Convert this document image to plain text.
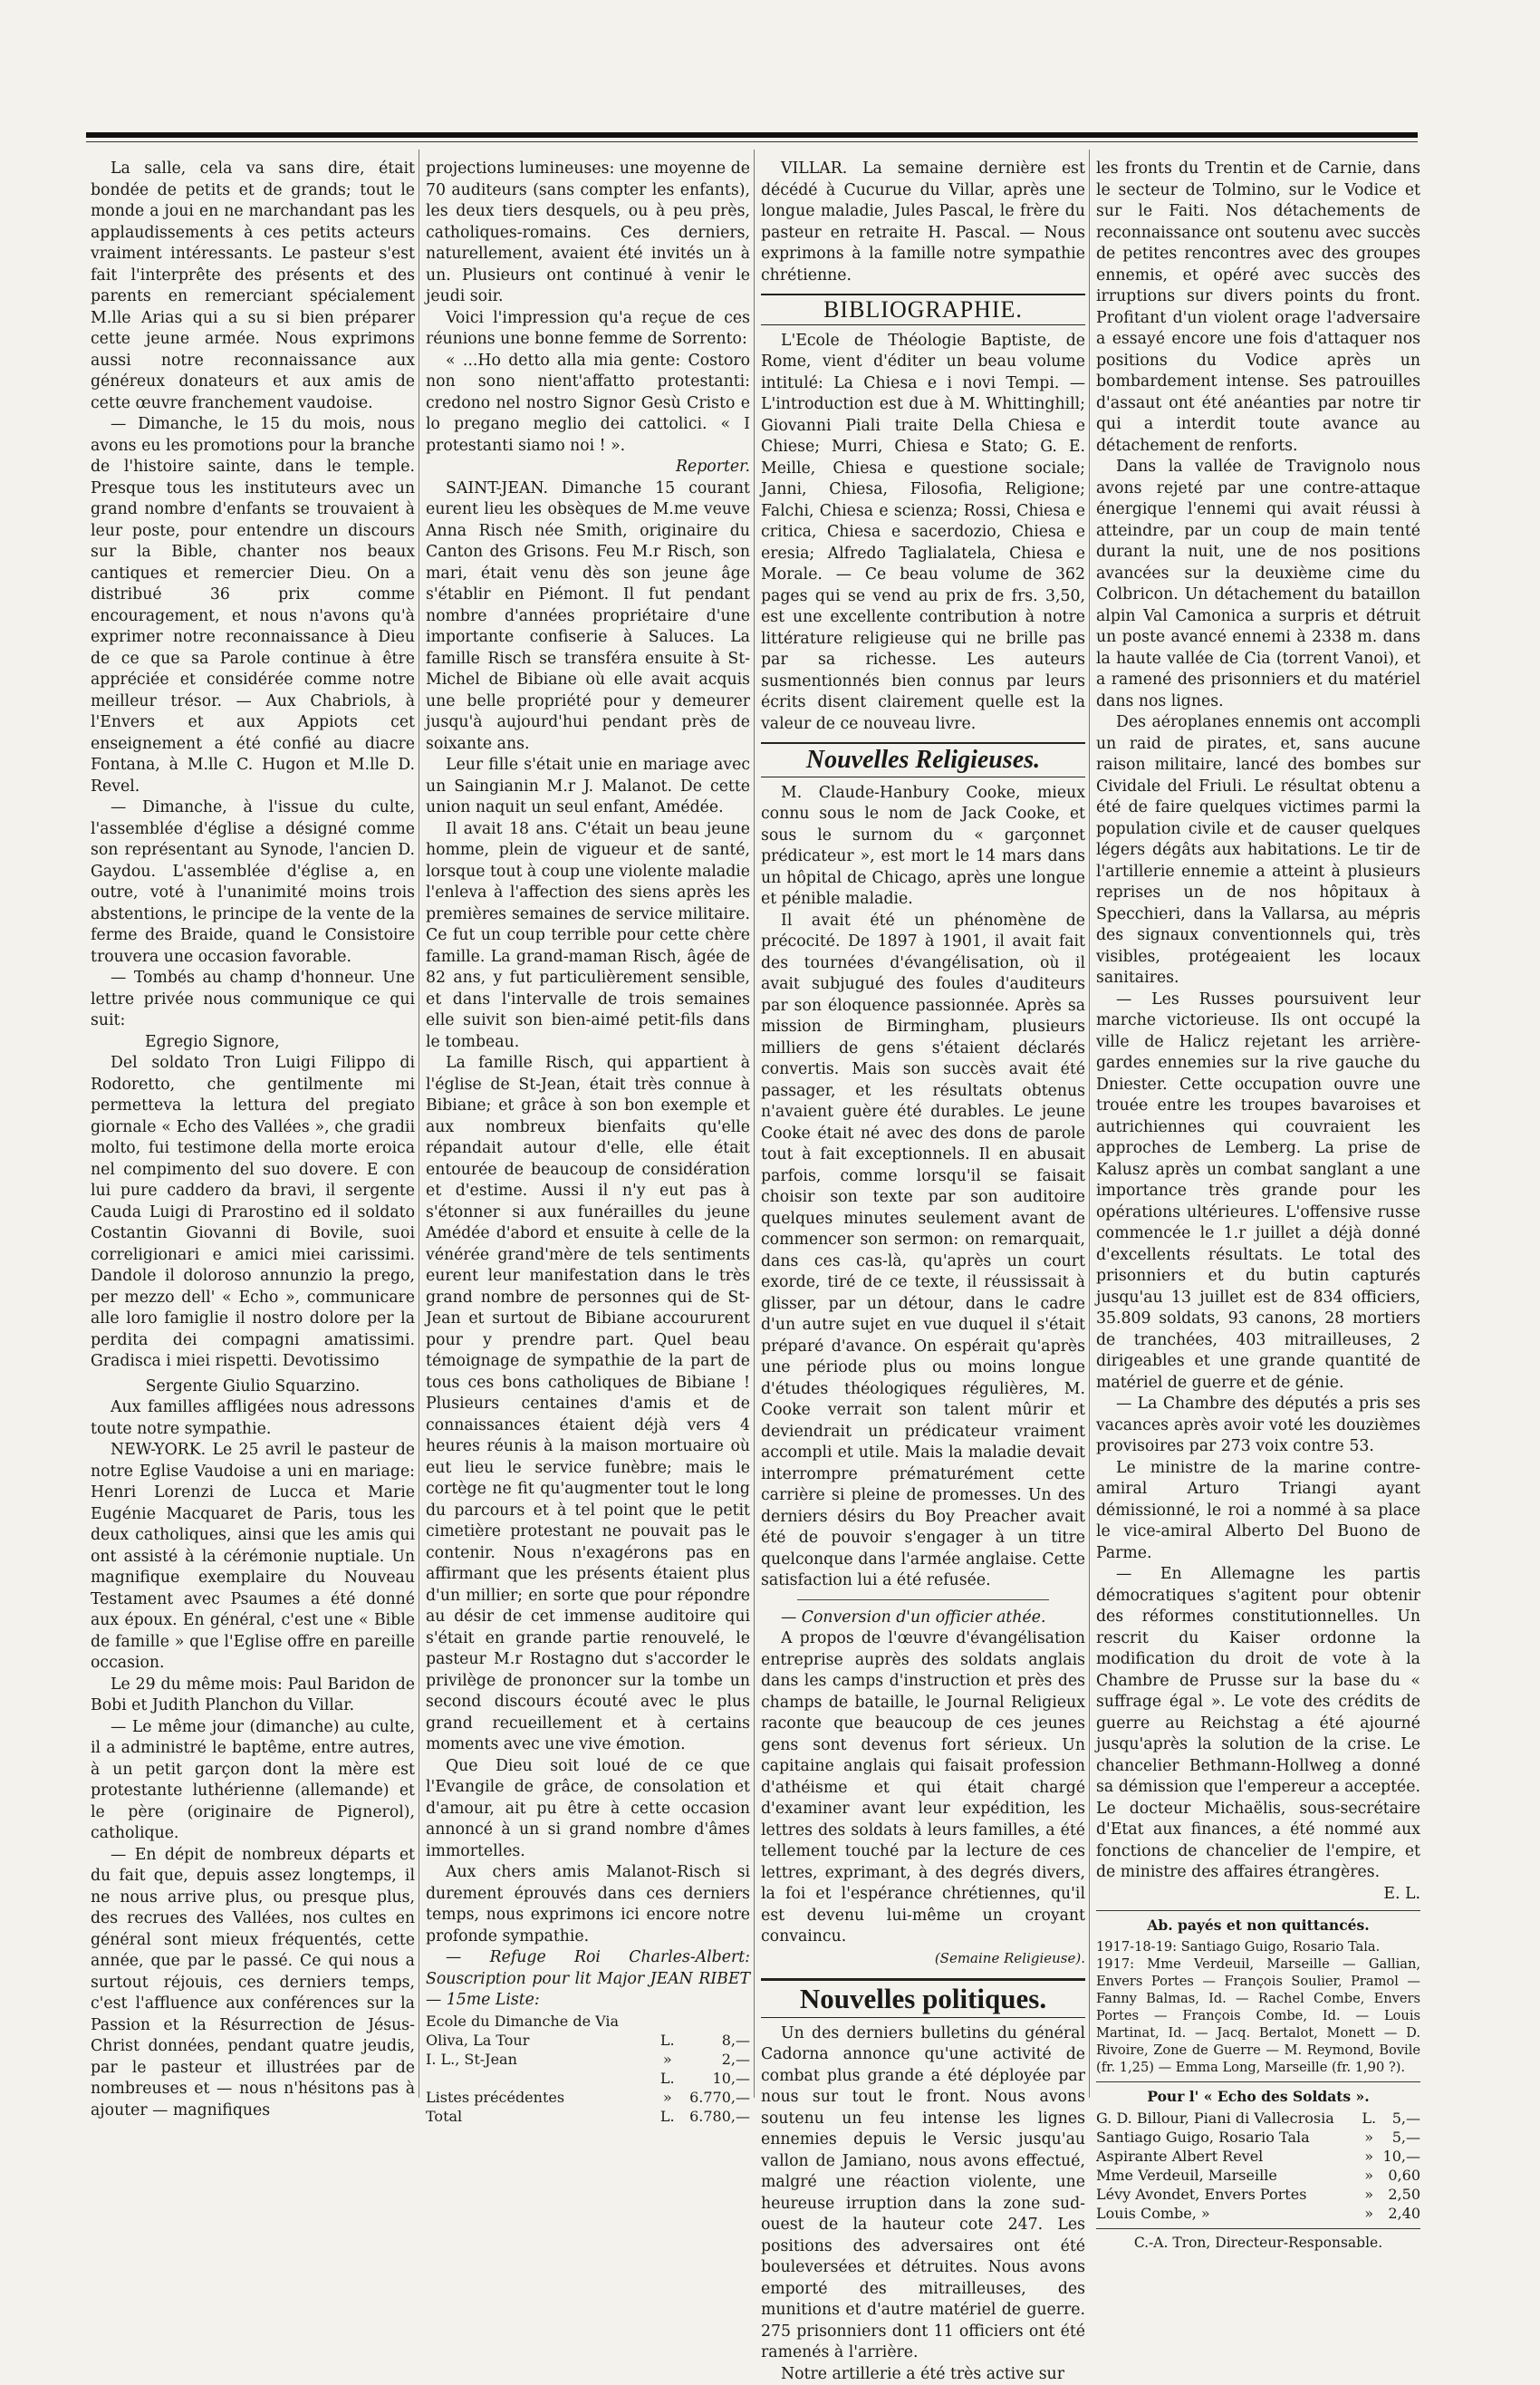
La salle, cela va sans dire, était bondée de petits et de grands; tout le monde a joui en ne marchandant pas les applaudissements à ces petits acteurs vraiment intéressants. Le pasteur s'est fait l'interprête des présents et des parents en remerciant spécialement M.lle Arias qui a su si bien préparer cette jeune armée. Nous exprimons aussi notre reconnaissance aux généreux donateurs et aux amis de cette œuvre franchement vaudoise.

— Dimanche, le 15 du mois, nous avons eu les promotions pour la branche de l'histoire sainte, dans le temple. Presque tous les instituteurs avec un grand nombre d'enfants se trouvaient à leur poste, pour entendre un discours sur la Bible, chanter nos beaux cantiques et remercier Dieu. On a distribué 36 prix comme encouragement, et nous n'avons qu'à exprimer notre reconnaissance à Dieu de ce que sa Parole continue à être appréciée et considérée comme notre meilleur trésor. — Aux Chabriols, à l'Envers et aux Appiots cet enseignement a été confié au diacre Fontana, à M.lle C. Hugon et M.lle D. Revel.

— Dimanche, à l'issue du culte, l'assemblée d'église a désigné comme son représentant au Synode, l'ancien D. Gaydou. L'assemblée d'église a, en outre, voté à l'unanimité moins trois abstentions, le principe de la vente de la ferme des Braide, quand le Consistoire trouvera une occasion favorable.

— Tombés au champ d'honneur. Une lettre privée nous communique ce qui suit:

Egregio Signore,

Del soldato Tron Luigi Filippo di Rodoretto, che gentilmente mi permetteva la lettura del pregiato giornale « Echo des Vallées », che gradii molto, fui testimone della morte eroica nel compimento del suo dovere. E con lui pure caddero da bravi, il sergente Cauda Luigi di Prarostino ed il soldato Costantin Giovanni di Bovile, suoi correligionari e amici miei carissimi. Dandole il doloroso annunzio la prego, per mezzo dell' « Echo », communicare alle loro famiglie il nostro dolore per la perdita dei compagni amatissimi. Gradisca i miei rispetti. Devotissimo

Sergente Giulio Squarzino.

Aux familles affligées nous adressons toute notre sympathie.

NEW-YORK. Le 25 avril le pasteur de notre Eglise Vaudoise a uni en mariage: Henri Lorenzi de Lucca et Marie Eugénie Macquaret de Paris, tous les deux catholiques, ainsi que les amis qui ont assisté à la cérémonie nuptiale. Un magnifique exemplaire du Nouveau Testament avec Psaumes a été donné aux époux. En général, c'est une « Bible de famille » que l'Eglise offre en pareille occasion.

Le 29 du même mois: Paul Baridon de Bobi et Judith Planchon du Villar.

— Le même jour (dimanche) au culte, il a administré le baptême, entre autres, à un petit garçon dont la mère est protestante luthérienne (allemande) et le père (originaire de Pignerol), catholique.

— En dépit de nombreux départs et du fait que, depuis assez longtemps, il ne nous arrive plus, ou presque plus, des recrues des Vallées, nos cultes en général sont mieux fréquentés, cette année, que par le passé. Ce qui nous a surtout réjouis, ces derniers temps, c'est l'affluence aux conférences sur la Passion et la Résurrection de Jésus-Christ données, pendant quatre jeudis, par le pasteur et illustrées par de nombreuses et — nous n'hésitons pas à ajouter — magnifiques

projections lumineuses: une moyenne de 70 auditeurs (sans compter les enfants), les deux tiers desquels, ou à peu près, catholiques-romains. Ces derniers, naturellement, avaient été invités un à un. Plusieurs ont continué à venir le jeudi soir.

Voici l'impression qu'a reçue de ces réunions une bonne femme de Sorrento:

« ...Ho detto alla mia gente: Costoro non sono nient'affatto protestanti: credono nel nostro Signor Gesù Cristo e lo pregano meglio dei cattolici. « I protestanti siamo noi ! ».

Reporter.

SAINT-JEAN. Dimanche 15 courant eurent lieu les obsèques de M.me veuve Anna Risch née Smith, originaire du Canton des Grisons. Feu M.r Risch, son mari, était venu dès son jeune âge s'établir en Piémont. Il fut pendant nombre d'années propriétaire d'une importante confiserie à Saluces. La famille Risch se transféra ensuite à St-Michel de Bibiane où elle avait acquis une belle propriété pour y demeurer jusqu'à aujourd'hui pendant près de soixante ans.

Leur fille s'était unie en mariage avec un Saingianin M.r J. Malanot. De cette union naquit un seul enfant, Amédée.

Il avait 18 ans. C'était un beau jeune homme, plein de vigueur et de santé, lorsque tout à coup une violente maladie l'enleva à l'affection des siens après les premières semaines de service militaire. Ce fut un coup terrible pour cette chère famille. La grand-maman Risch, âgée de 82 ans, y fut particulièrement sensible, et dans l'intervalle de trois semaines elle suivit son bien-aimé petit-fils dans le tombeau.

La famille Risch, qui appartient à l'église de St-Jean, était très connue à Bibiane; et grâce à son bon exemple et aux nombreux bienfaits qu'elle répandait autour d'elle, elle était entourée de beaucoup de considération et d'estime. Aussi il n'y eut pas à s'étonner si aux funérailles du jeune Amédée d'abord et ensuite à celle de la vénérée grand'mère de tels sentiments eurent leur manifestation dans le très grand nombre de personnes qui de St-Jean et surtout de Bibiane accoururent pour y prendre part. Quel beau témoignage de sympathie de la part de tous ces bons catholiques de Bibiane ! Plusieurs centaines d'amis et de connaissances étaient déjà vers 4 heures réunis à la maison mortuaire où eut lieu le service funèbre; mais le cortège ne fit qu'augmenter tout le long du parcours et à tel point que le petit cimetière protestant ne pouvait pas le contenir. Nous n'exagérons pas en affirmant que les présents étaient plus d'un millier; en sorte que pour répondre au désir de cet immense auditoire qui s'était en grande partie renouvelé, le pasteur M.r Rostagno dut s'accorder le privilège de prononcer sur la tombe un second discours écouté avec le plus grand recueillement et à certains moments avec une vive émotion.

Que Dieu soit loué de ce que l'Evangile de grâce, de consolation et d'amour, ait pu être à cette occasion annoncé à un si grand nombre d'âmes immortelles.

Aux chers amis Malanot-Risch si durement éprouvés dans ces derniers temps, nous exprimons ici encore notre profonde sympathie.

— Refuge Roi Charles-Albert: Souscription pour lit Major JEAN RIBET — 15me Liste:

Ecole du Dimanche de Via		
Oliva, La Tour	L.	8,—
I. L., St-Jean	»	2,—
	L.	10,—
Listes précédentes	»	6.770,—
Total	L.	6.780,—

VILLAR. La semaine dernière est décédé à Cucurue du Villar, après une longue maladie, Jules Pascal, le frère du pasteur en retraite H. Pascal. — Nous exprimons à la famille notre sympathie chrétienne.

BIBLIOGRAPHIE.

L'Ecole de Théologie Baptiste, de Rome, vient d'éditer un beau volume intitulé: La Chiesa e i novi Tempi. — L'introduction est due à M. Whittinghill; Giovanni Piali traite Della Chiesa e Chiese; Murri, Chiesa e Stato; G. E. Meille, Chiesa e questione sociale; Janni, Chiesa, Filosofia, Religione; Falchi, Chiesa e scienza; Rossi, Chiesa e critica, Chiesa e sacerdozio, Chiesa e eresia; Alfredo Taglialatela, Chiesa e Morale. — Ce beau volume de 362 pages qui se vend au prix de frs. 3,50, est une excellente contribution à notre littérature religieuse qui ne brille pas par sa richesse. Les auteurs susmentionnés bien connus par leurs écrits disent clairement quelle est la valeur de ce nouveau livre.

Nouvelles Religieuses.

M. Claude-Hanbury Cooke, mieux connu sous le nom de Jack Cooke, et sous le surnom du « garçonnet prédicateur », est mort le 14 mars dans un hôpital de Chicago, après une longue et pénible maladie.

Il avait été un phénomène de précocité. De 1897 à 1901, il avait fait des tournées d'évangélisation, où il avait subjugué des foules d'auditeurs par son éloquence passionnée. Après sa mission de Birmingham, plusieurs milliers de gens s'étaient déclarés convertis. Mais son succès avait été passager, et les résultats obtenus n'avaient guère été durables. Le jeune Cooke était né avec des dons de parole tout à fait exceptionnels. Il en abusait parfois, comme lorsqu'il se faisait choisir son texte par son auditoire quelques minutes seulement avant de commencer son sermon: on remarquait, dans ces cas-là, qu'après un court exorde, tiré de ce texte, il réussissait à glisser, par un détour, dans le cadre d'un autre sujet en vue duquel il s'était préparé d'avance. On espérait qu'après une période plus ou moins longue d'études théologiques régulières, M. Cooke verrait son talent mûrir et deviendrait un prédicateur vraiment accompli et utile. Mais la maladie devait interrompre prématurément cette carrière si pleine de promesses. Un des derniers désirs du Boy Preacher avait été de pouvoir s'engager à un titre quelconque dans l'armée anglaise. Cette satisfaction lui a été refusée.

— Conversion d'un officier athée.

A propos de l'œuvre d'évangélisation entreprise auprès des soldats anglais dans les camps d'instruction et près des champs de bataille, le Journal Religieux raconte que beaucoup de ces jeunes gens sont devenus fort sérieux. Un capitaine anglais qui faisait profession d'athéisme et qui était chargé d'examiner avant leur expédition, les lettres des soldats à leurs familles, a été tellement touché par la lecture de ces lettres, exprimant, à des degrés divers, la foi et l'espérance chrétiennes, qu'il est devenu lui-même un croyant convaincu.

(Semaine Religieuse).

Nouvelles politiques.

Un des derniers bulletins du général Cadorna annonce qu'une activité de combat plus grande a été déployée par nous sur tout le front. Nous avons soutenu un feu intense les lignes ennemies depuis le Versic jusqu'au vallon de Jamiano, nous avons effectué, malgré une réaction violente, une heureuse irruption dans la zone sud-ouest de la hauteur cote 247. Les positions des adversaires ont été bouleversées et détruites. Nous avons emporté des mitrailleuses, des munitions et d'autre matériel de guerre. 275 prisonniers dont 11 officiers ont été ramenés à l'arrière.

Notre artillerie a été très active sur

les fronts du Trentin et de Carnie, dans le secteur de Tolmino, sur le Vodice et sur le Faiti. Nos détachements de reconnaissance ont soutenu avec succès de petites rencontres avec des groupes ennemis, et opéré avec succès des irruptions sur divers points du front. Profitant d'un violent orage l'adversaire a essayé encore une fois d'attaquer nos positions du Vodice après un bombardement intense. Ses patrouilles d'assaut ont été anéanties par notre tir qui a interdit toute avance au détachement de renforts.

Dans la vallée de Travignolo nous avons rejeté par une contre-attaque énergique l'ennemi qui avait réussi à atteindre, par un coup de main tenté durant la nuit, une de nos positions avancées sur la deuxième cime du Colbricon. Un détachement du bataillon alpin Val Camonica a surpris et détruit un poste avancé ennemi à 2338 m. dans la haute vallée de Cia (torrent Vanoi), et a ramené des prisonniers et du matériel dans nos lignes.

Des aéroplanes ennemis ont accompli un raid de pirates, et, sans aucune raison militaire, lancé des bombes sur Cividale del Friuli. Le résultat obtenu a été de faire quelques victimes parmi la population civile et de causer quelques légers dégâts aux habitations. Le tir de l'artillerie ennemie a atteint à plusieurs reprises un de nos hôpitaux à Specchieri, dans la Vallarsa, au mépris des signaux conventionnels qui, très visibles, protégeaient les locaux sanitaires.

— Les Russes poursuivent leur marche victorieuse. Ils ont occupé la ville de Halicz rejetant les arrière-gardes ennemies sur la rive gauche du Dniester. Cette occupation ouvre une trouée entre les troupes bavaroises et autrichiennes qui couvraient les approches de Lemberg. La prise de Kalusz après un combat sanglant a une importance très grande pour les opérations ultérieures. L'offensive russe commencée le 1.r juillet a déjà donné d'excellents résultats. Le total des prisonniers et du butin capturés jusqu'au 13 juillet est de 834 officiers, 35.809 soldats, 93 canons, 28 mortiers de tranchées, 403 mitrailleuses, 2 dirigeables et une grande quantité de matériel de guerre et de génie.

— La Chambre des députés a pris ses vacances après avoir voté les douzièmes provisoires par 273 voix contre 53.

Le ministre de la marine contre-amiral Arturo Triangi ayant démissionné, le roi a nommé à sa place le vice-amiral Alberto Del Buono de Parme.

— En Allemagne les partis démocratiques s'agitent pour obtenir des réformes constitutionnelles. Un rescrit du Kaiser ordonne la modification du droit de vote à la Chambre de Prusse sur la base du « suffrage égal ». Le vote des crédits de guerre au Reichstag a été ajourné jusqu'après la solution de la crise. Le chancelier Bethmann-Hollweg a donné sa démission que l'empereur a acceptée. Le docteur Michaëlis, sous-secrétaire d'Etat aux finances, a été nommé aux fonctions de chancelier de l'empire, et de ministre des affaires étrangères.

E. L.

Ab. payés et non quittancés.

1917-18-19: Santiago Guigo, Rosario Tala.

1917: Mme Verdeuil, Marseille — Gallian, Envers Portes — François Soulier, Pramol — Fanny Balmas, Id. — Rachel Combe, Envers Portes — François Combe, Id. — Louis Martinat, Id. — Jacq. Bertalot, Monett — D. Rivoire, Zone de Guerre — M. Reymond, Bovile (fr. 1,25) — Emma Long, Marseille (fr. 1,90 ?).

Pour l' « Echo des Soldats ».
G. D. Billour, Piani di Vallecrosia	L.	5,—
Santiago Guigo, Rosario Tala	»	5,—
Aspirante Albert Revel	»	10,—
Mme Verdeuil, Marseille	»	0,60
Lévy Avondet, Envers Portes	»	2,50
Louis Combe, »	»	2,40
C.-A. Tron, Directeur-Responsable.
